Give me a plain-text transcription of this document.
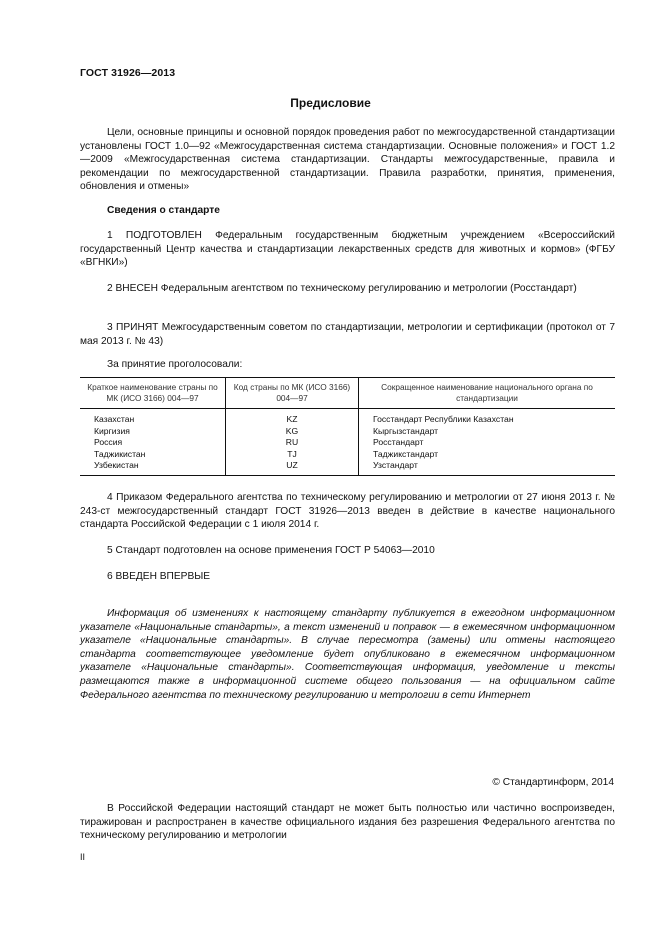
ГОСТ 31926—2013
Предисловие

Цели, основные принципы и основной порядок проведения работ по межгосударственной стандартизации установлены ГОСТ 1.0—92 «Межгосударственная система стандартизации. Основные положения» и ГОСТ 1.2—2009 «Межгосударственная система стандартизации. Стандарты межгосударственные, правила и рекомендации по межгосударственной стандартизации. Правила разработки, принятия, применения, обновления и отмены»

Сведения о стандарте

1 ПОДГОТОВЛЕН Федеральным государственным бюджетным учреждением «Всероссийский государственный Центр качества и стандартизации лекарственных средств для животных и кормов» (ФГБУ «ВГНКИ»)

2 ВНЕСЕН Федеральным агентством по техническому регулированию и метрологии (Росстандарт)

3 ПРИНЯТ Межгосударственным советом по стандартизации, метрологии и сертификации (протокол от 7 мая 2013 г. № 43)

За принятие проголосовали:
Краткое наименование страны по МК (ИСО 3166) 004—97	Код страны по МК (ИСО 3166) 004—97	Сокращенное наименование национального органа по стандартизации
Казахстан	KZ	Госстандарт Республики Казахстан
Киргизия	KG	Кыргызстандарт
Россия	RU	Росстандарт
Таджикистан	TJ	Таджикстандарт
Узбекистан	UZ	Узстандарт

4 Приказом Федерального агентства по техническому регулированию и метрологии от 27 июня 2013 г. № 243-ст межгосударственный стандарт ГОСТ 31926—2013 введен в действие в качестве национального стандарта Российской Федерации с 1 июля 2014 г.

5 Стандарт подготовлен на основе применения ГОСТ Р 54063—2010

6 ВВЕДЕН ВПЕРВЫЕ

Информация об изменениях к настоящему стандарту публикуется в ежегодном информационном указателе «Национальные стандарты», а текст изменений и поправок — в ежемесячном информационном указателе «Национальные стандарты». В случае пересмотра (замены) или отмены настоящего стандарта соответствующее уведомление будет опубликовано в ежемесячном информационном указателе «Национальные стандарты». Соответствующая информация, уведомление и тексты размещаются также в информационной системе общего пользования — на официальном сайте Федерального агентства по техническому регулированию и метрологии в сети Интернет

© Стандартинформ, 2014

В Российской Федерации настоящий стандарт не может быть полностью или частично воспроизведен, тиражирован и распространен в качестве официального издания без разрешения Федерального агентства по техническому регулированию и метрологии

II
